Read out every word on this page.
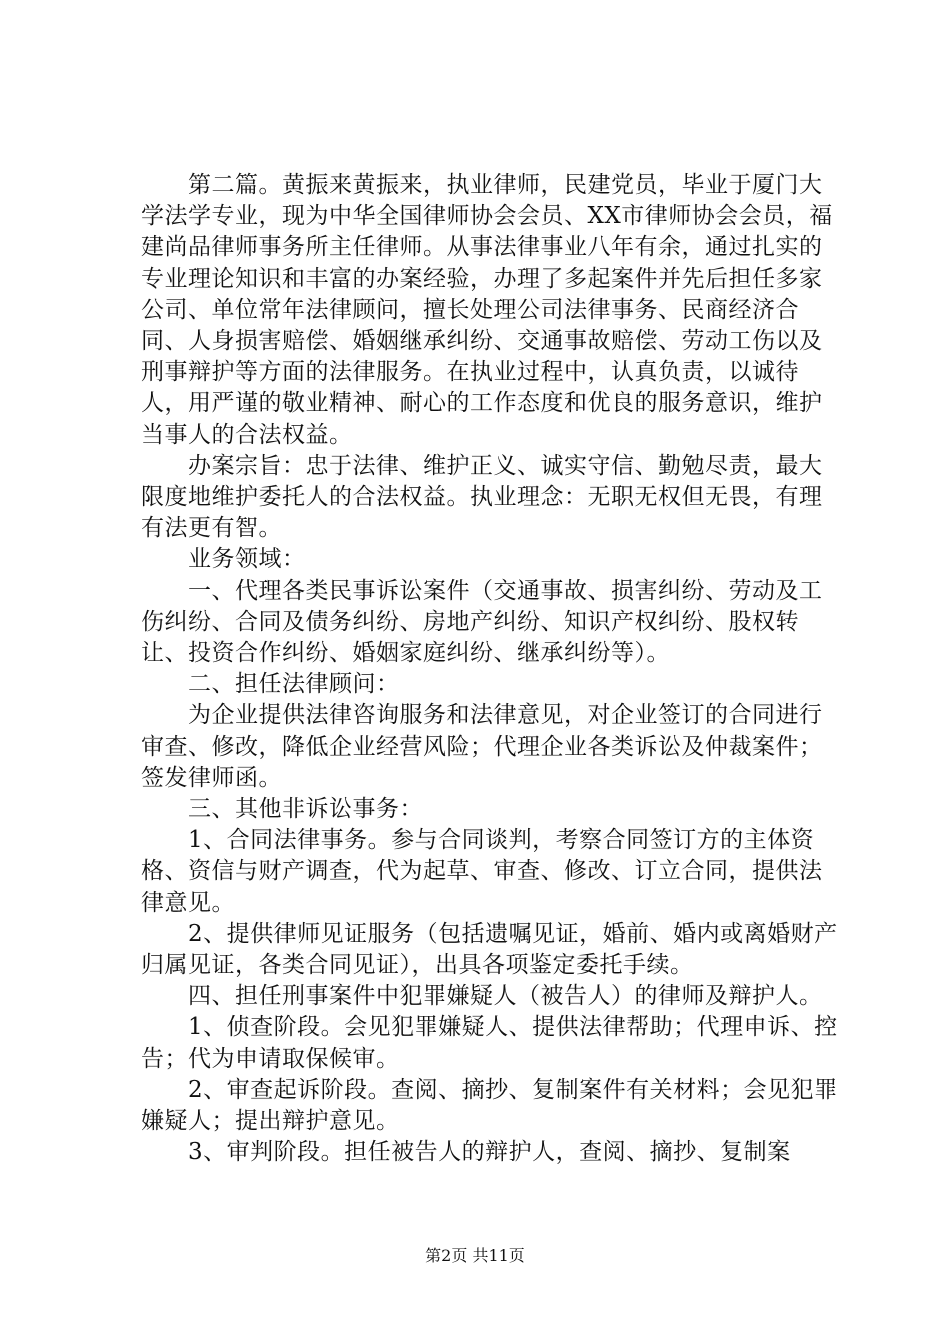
　　第二篇。黄振来黄振来，执业律师，民建党员，毕业于厦门大学法学专业，现为中华全国律师协会会员、XX市律师协会会员，福建尚品律师事务所主任律师。从事法律事业八年有余，通过扎实的专业理论知识和丰富的办案经验，办理了多起案件并先后担任多家公司、单位常年法律顾问，擅长处理公司法律事务、民商经济合同、人身损害赔偿、婚姻继承纠纷、交通事故赔偿、劳动工伤以及刑事辩护等方面的法律服务。在执业过程中，认真负责，以诚待人，用严谨的敬业精神、耐心的工作态度和优良的服务意识，维护当事人的合法权益。

　　办案宗旨：忠于法律、维护正义、诚实守信、勤勉尽责，最大限度地维护委托人的合法权益。执业理念：无职无权但无畏，有理有法更有智。

　　业务领域：

　　一、代理各类民事诉讼案件（交通事故、损害纠纷、劳动及工伤纠纷、合同及债务纠纷、房地产纠纷、知识产权纠纷、股权转让、投资合作纠纷、婚姻家庭纠纷、继承纠纷等）。

　　二、担任法律顾问：

　　为企业提供法律咨询服务和法律意见，对企业签订的合同进行审查、修改，降低企业经营风险；代理企业各类诉讼及仲裁案件；签发律师函。

　　三、其他非诉讼事务：

　　1、合同法律事务。参与合同谈判，考察合同签订方的主体资格、资信与财产调查，代为起草、审查、修改、订立合同，提供法律意见。

　　2、提供律师见证服务（包括遗嘱见证，婚前、婚内或离婚财产归属见证，各类合同见证），出具各项鉴定委托手续。

　　四、担任刑事案件中犯罪嫌疑人（被告人）的律师及辩护人。

　　1、侦查阶段。会见犯罪嫌疑人、提供法律帮助；代理申诉、控告；代为申请取保候审。

　　2、审查起诉阶段。查阅、摘抄、复制案件有关材料；会见犯罪嫌疑人；提出辩护意见。

　　3、审判阶段。担任被告人的辩护人，查阅、摘抄、复制案

第2页 共11页
